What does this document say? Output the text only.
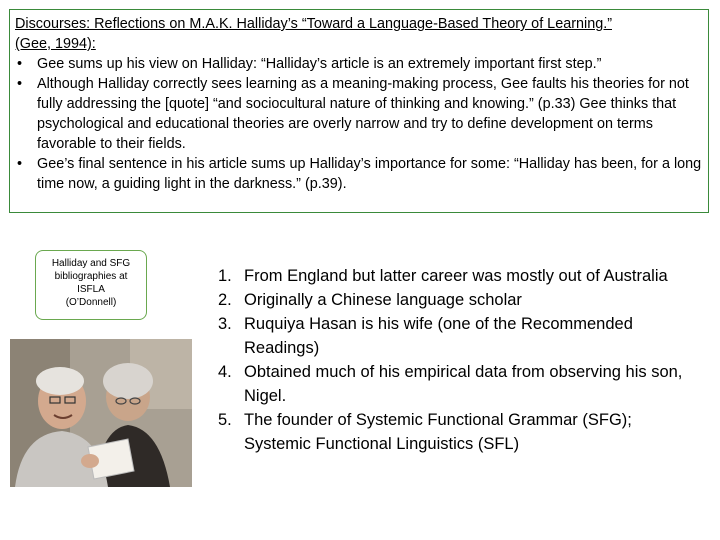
Discourses: Reflections on M.A.K. Halliday’s “Toward a Language-Based Theory of Learning.”
(Gee, 1994):

• Gee sums up his view on Halliday: “Halliday’s article is an extremely important first step.”
• Although Halliday correctly sees learning as a meaning-making process, Gee faults his theories for not fully addressing the [quote] “and sociocultural nature of thinking and knowing.” (p.33) Gee thinks that psychological and educational theories are overly narrow and try to define development on terms favorable to their fields.
• Gee’s final sentence in his article sums up Halliday’s importance for some: “Halliday has been, for a long time now, a guiding light in the darkness.” (p.39).
Halliday and SFG
bibliographies at
ISFLA
(O’Donnell)
1. From England but latter career was mostly out of Australia
2. Originally a Chinese language scholar
3. Ruquiya Hasan is his wife (one of the Recommended Readings)
4. Obtained much of his empirical data from observing his son, Nigel.
5. The founder of Systemic Functional Grammar (SFG); Systemic Functional Linguistics (SFL)
